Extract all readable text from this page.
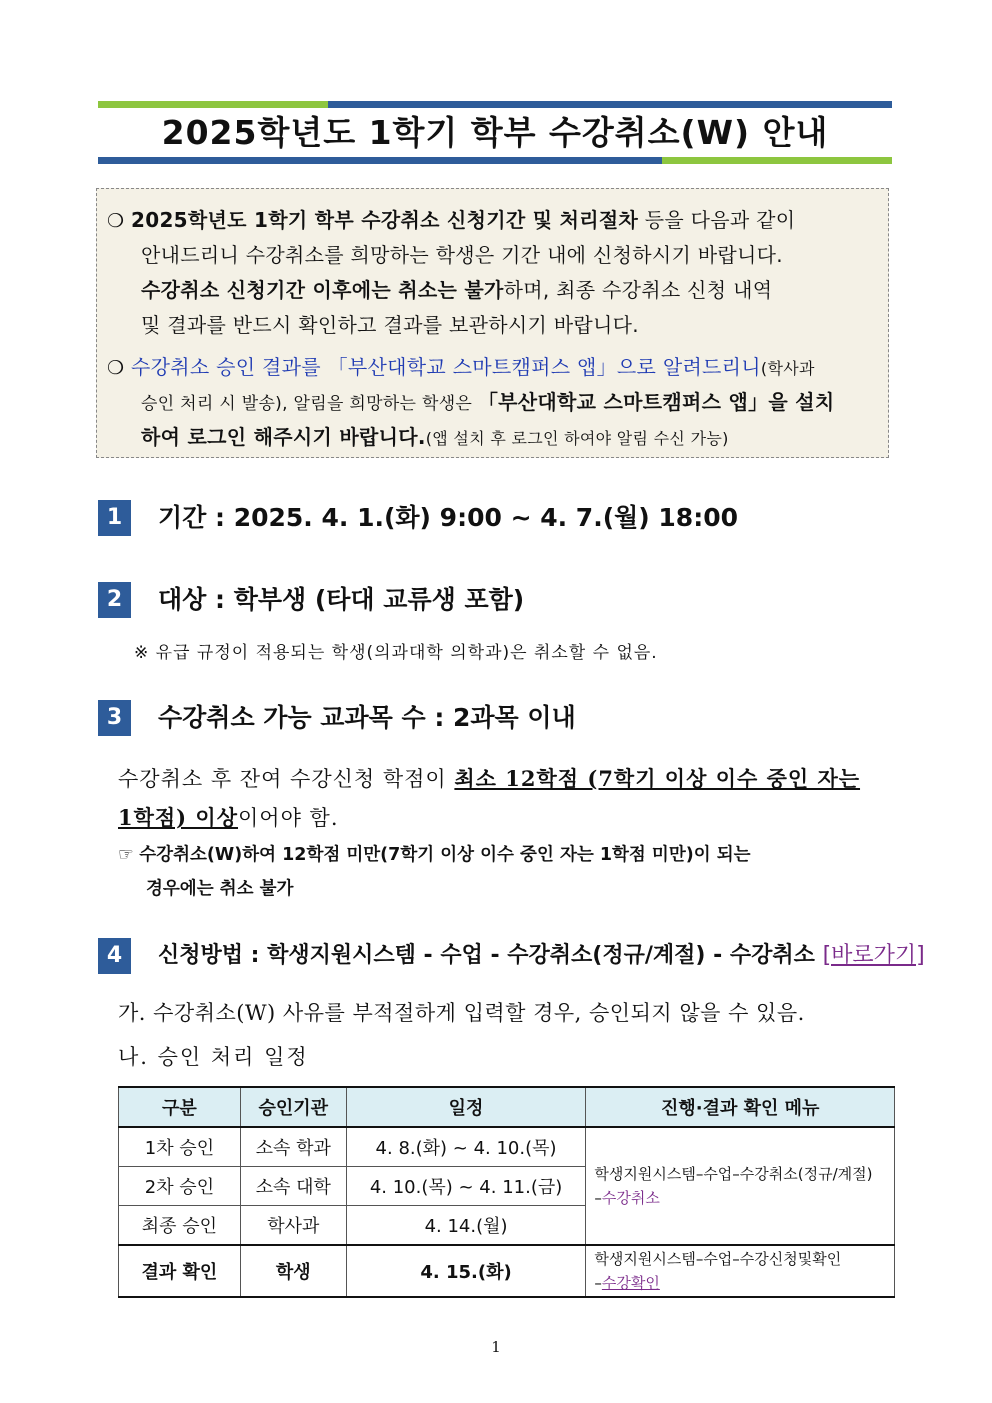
2025학년도 1학기 학부 수강취소(W) 안내
❍ 2025학년도 1학기 학부 수강취소 신청기간 및 처리절차 등을 다음과 같이
안내드리니 수강취소를 희망하는 학생은 기간 내에 신청하시기 바랍니다.
수강취소 신청기간 이후에는 취소는 불가하며, 최종 수강취소 신청 내역
및 결과를 반드시 확인하고 결과를 보관하시기 바랍니다.
❍ 수강취소 승인 결과를 「부산대학교 스마트캠퍼스 앱」으로 알려드리니(학사과
승인 처리 시 발송), 알림을 희망하는 학생은 「부산대학교 스마트캠퍼스 앱」을 설치
하여 로그인 해주시기 바랍니다.(앱 설치 후 로그인 하여야 알림 수신 가능)
1	기간 : 2025. 4. 1.(화) 9:00 ~ 4. 7.(월) 18:00
2	대상 : 학부생 (타대 교류생 포함)
※ 유급 규정이 적용되는 학생(의과대학 의학과)은 취소할 수 없음.
3	수강취소 가능 교과목 수 : 2과목 이내
수강취소 후 잔여 수강신청 학점이 최소 12학점 (7학기 이상 이수 중인 자는
1학점) 이상이어야 함.
☞ 수강취소(W)하여 12학점 미만(7학기 이상 이수 중인 자는 1학점 미만)이 되는
경우에는 취소 불가
4	신청방법 : 학생지원시스템 - 수업 - 수강취소(정규/계절) - 수강취소 [바로가기]
가. 수강취소(W) 사유를 부적절하게 입력할 경우, 승인되지 않을 수 있음.
나. 승인 처리 일정
구분	승인기관	일정	진행·결과 확인 메뉴
1차 승인	소속 학과	4. 8.(화) ~ 4. 10.(목)	학생지원시스템–수업–수강취소(정규/계절)
–수강취소

2차 승인	소속 대학	4. 10.(목) ~ 4. 11.(금)	
최종 승인	학사과	4. 14.(월)	
결과 확인	학생	4. 15.(화)	학생지원시스템–수업–수강신청및확인
–수강확인
1
